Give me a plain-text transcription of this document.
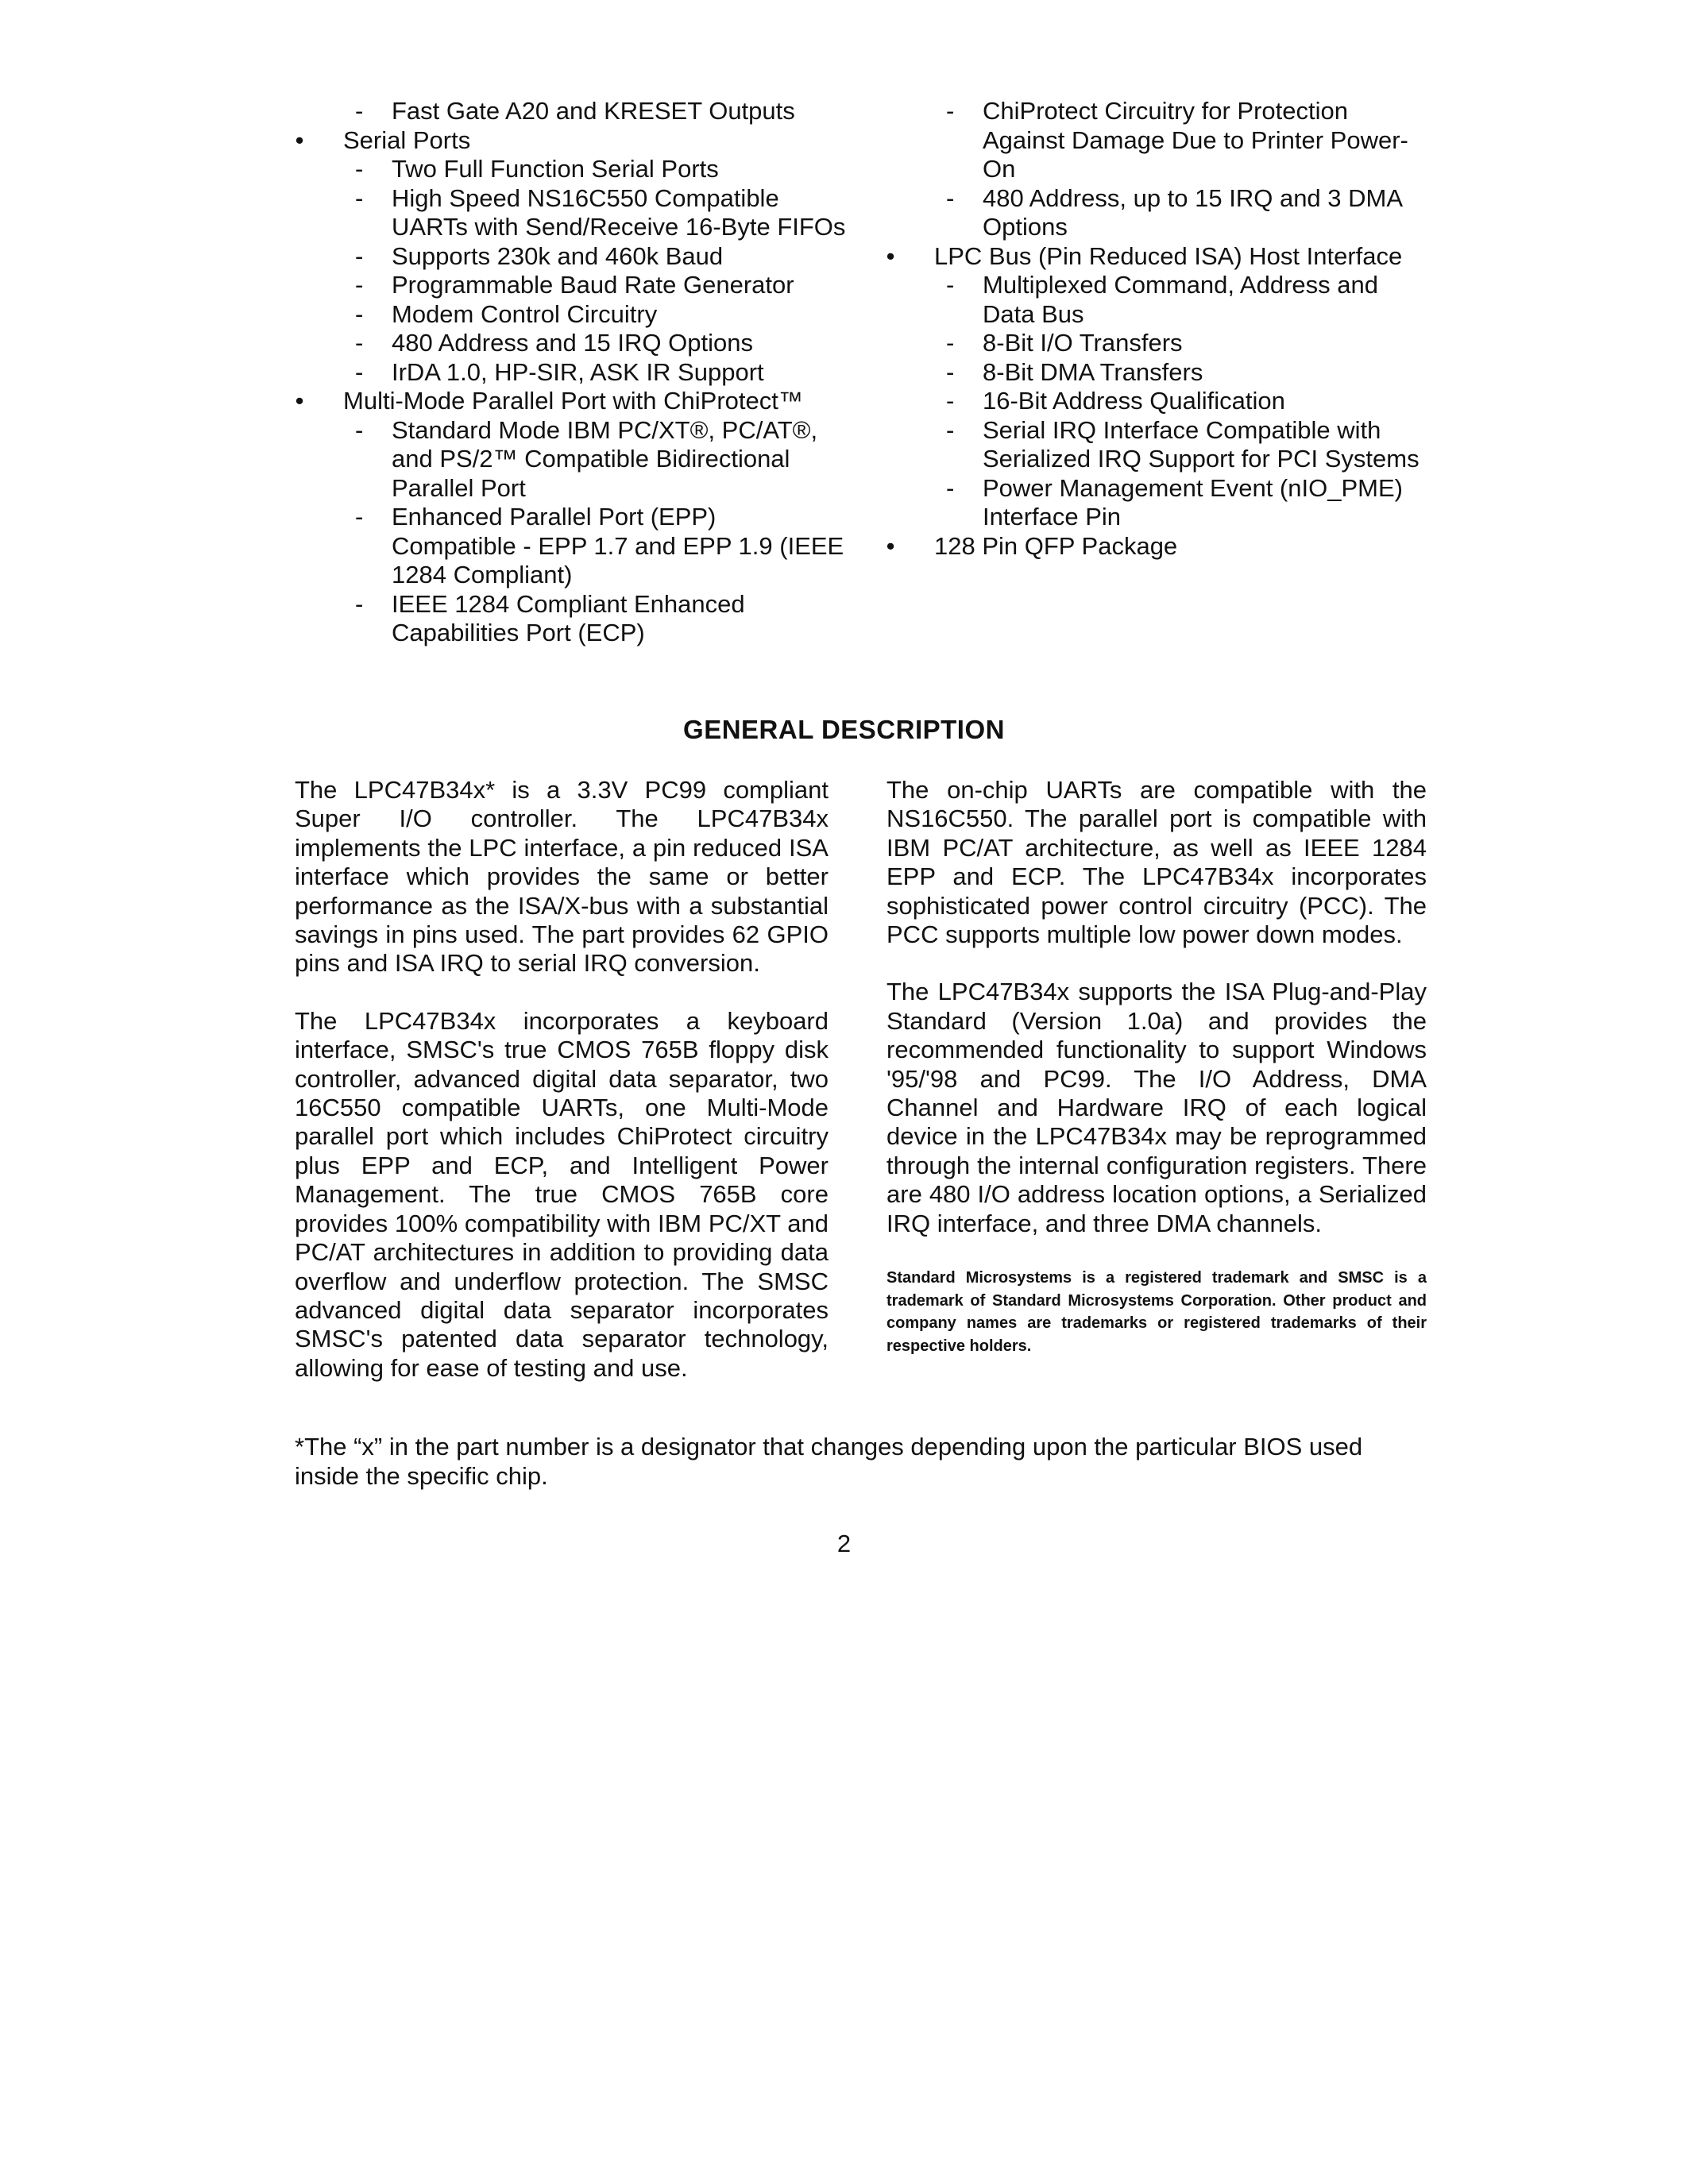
- Fast Gate A20 and KRESET Outputs
• Serial Ports
- Two Full Function Serial Ports
- High Speed NS16C550 Compatible UARTs with Send/Receive 16-Byte FIFOs
- Supports 230k and 460k Baud
- Programmable Baud Rate Generator
- Modem Control Circuitry
- 480 Address and 15 IRQ Options
- IrDA 1.0, HP-SIR, ASK IR Support
• Multi-Mode Parallel Port with ChiProtect™
- Standard Mode IBM PC/XT®, PC/AT®, and PS/2™ Compatible Bidirectional Parallel Port
- Enhanced Parallel Port (EPP) Compatible - EPP 1.7 and EPP 1.9 (IEEE 1284 Compliant)
- IEEE 1284 Compliant Enhanced Capabilities Port (ECP)
- ChiProtect Circuitry for Protection Against Damage Due to Printer Power-On
- 480 Address, up to 15 IRQ and 3 DMA Options
• LPC Bus (Pin Reduced ISA) Host Interface
- Multiplexed Command, Address and Data Bus
- 8-Bit I/O Transfers
- 8-Bit DMA Transfers
- 16-Bit Address Qualification
- Serial IRQ Interface Compatible with Serialized IRQ Support for PCI Systems
- Power Management Event (nIO_PME) Interface Pin
• 128 Pin QFP Package
GENERAL DESCRIPTION

The LPC47B34x* is a 3.3V PC99 compliant Super I/O controller. The LPC47B34x implements the LPC interface, a pin reduced ISA interface which provides the same or better performance as the ISA/X-bus with a substantial savings in pins used. The part provides 62 GPIO pins and ISA IRQ to serial IRQ conversion.

The LPC47B34x incorporates a keyboard interface, SMSC's true CMOS 765B floppy disk controller, advanced digital data separator, two 16C550 compatible UARTs, one Multi-Mode parallel port which includes ChiProtect circuitry plus EPP and ECP, and Intelligent Power Management. The true CMOS 765B core provides 100% compatibility with IBM PC/XT and PC/AT architectures in addition to providing data overflow and underflow protection. The SMSC advanced digital data separator incorporates SMSC's patented data separator technology, allowing for ease of testing and use.

The on-chip UARTs are compatible with the NS16C550. The parallel port is compatible with IBM PC/AT architecture, as well as IEEE 1284 EPP and ECP. The LPC47B34x incorporates sophisticated power control circuitry (PCC). The PCC supports multiple low power down modes.

The LPC47B34x supports the ISA Plug-and-Play Standard (Version 1.0a) and provides the recommended functionality to support Windows '95/'98 and PC99. The I/O Address, DMA Channel and Hardware IRQ of each logical device in the LPC47B34x may be reprogrammed through the internal configuration registers. There are 480 I/O address location options, a Serialized IRQ interface, and three DMA channels.

Standard Microsystems is a registered trademark and SMSC is a trademark of Standard Microsystems Corporation. Other product and company names are trademarks or registered trademarks of their respective holders.

*The “x” in the part number is a designator that changes depending upon the particular BIOS used inside the specific chip.

2
